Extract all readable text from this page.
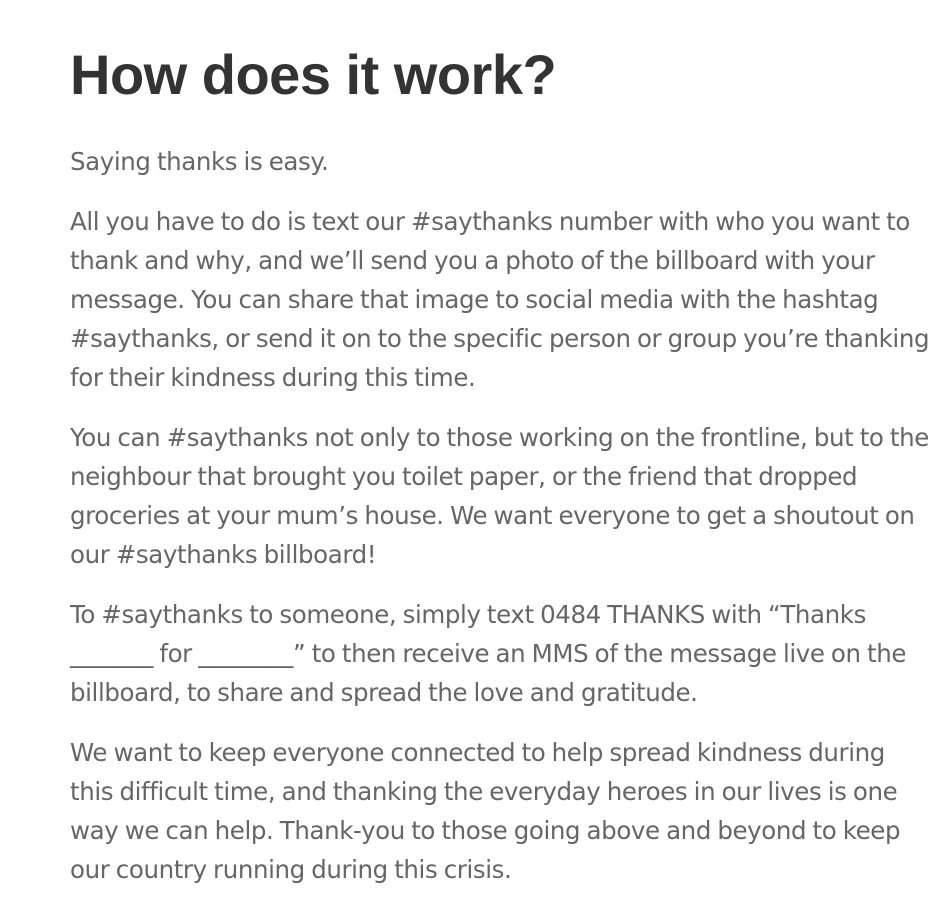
How does it work?

Saying thanks is easy.

All you have to do is text our #saythanks number with who you want to thank and why, and we’ll send you a photo of the billboard with your message. You can share that image to social media with the hashtag #saythanks, or send it on to the specific person or group you’re thanking for their kindness during this time.

You can #saythanks not only to those working on the frontline, but to the neighbour that brought you toilet paper, or the friend that dropped groceries at your mum’s house. We want everyone to get a shoutout on our #saythanks billboard!

To #saythanks to someone, simply text 0484 THANKS with “Thanks _______ for ________” to then receive an MMS of the message live on the billboard, to share and spread the love and gratitude.

We want to keep everyone connected to help spread kindness during this difficult time, and thanking the everyday heroes in our lives is one way we can help. Thank-you to those going above and beyond to keep our country running during this crisis.
